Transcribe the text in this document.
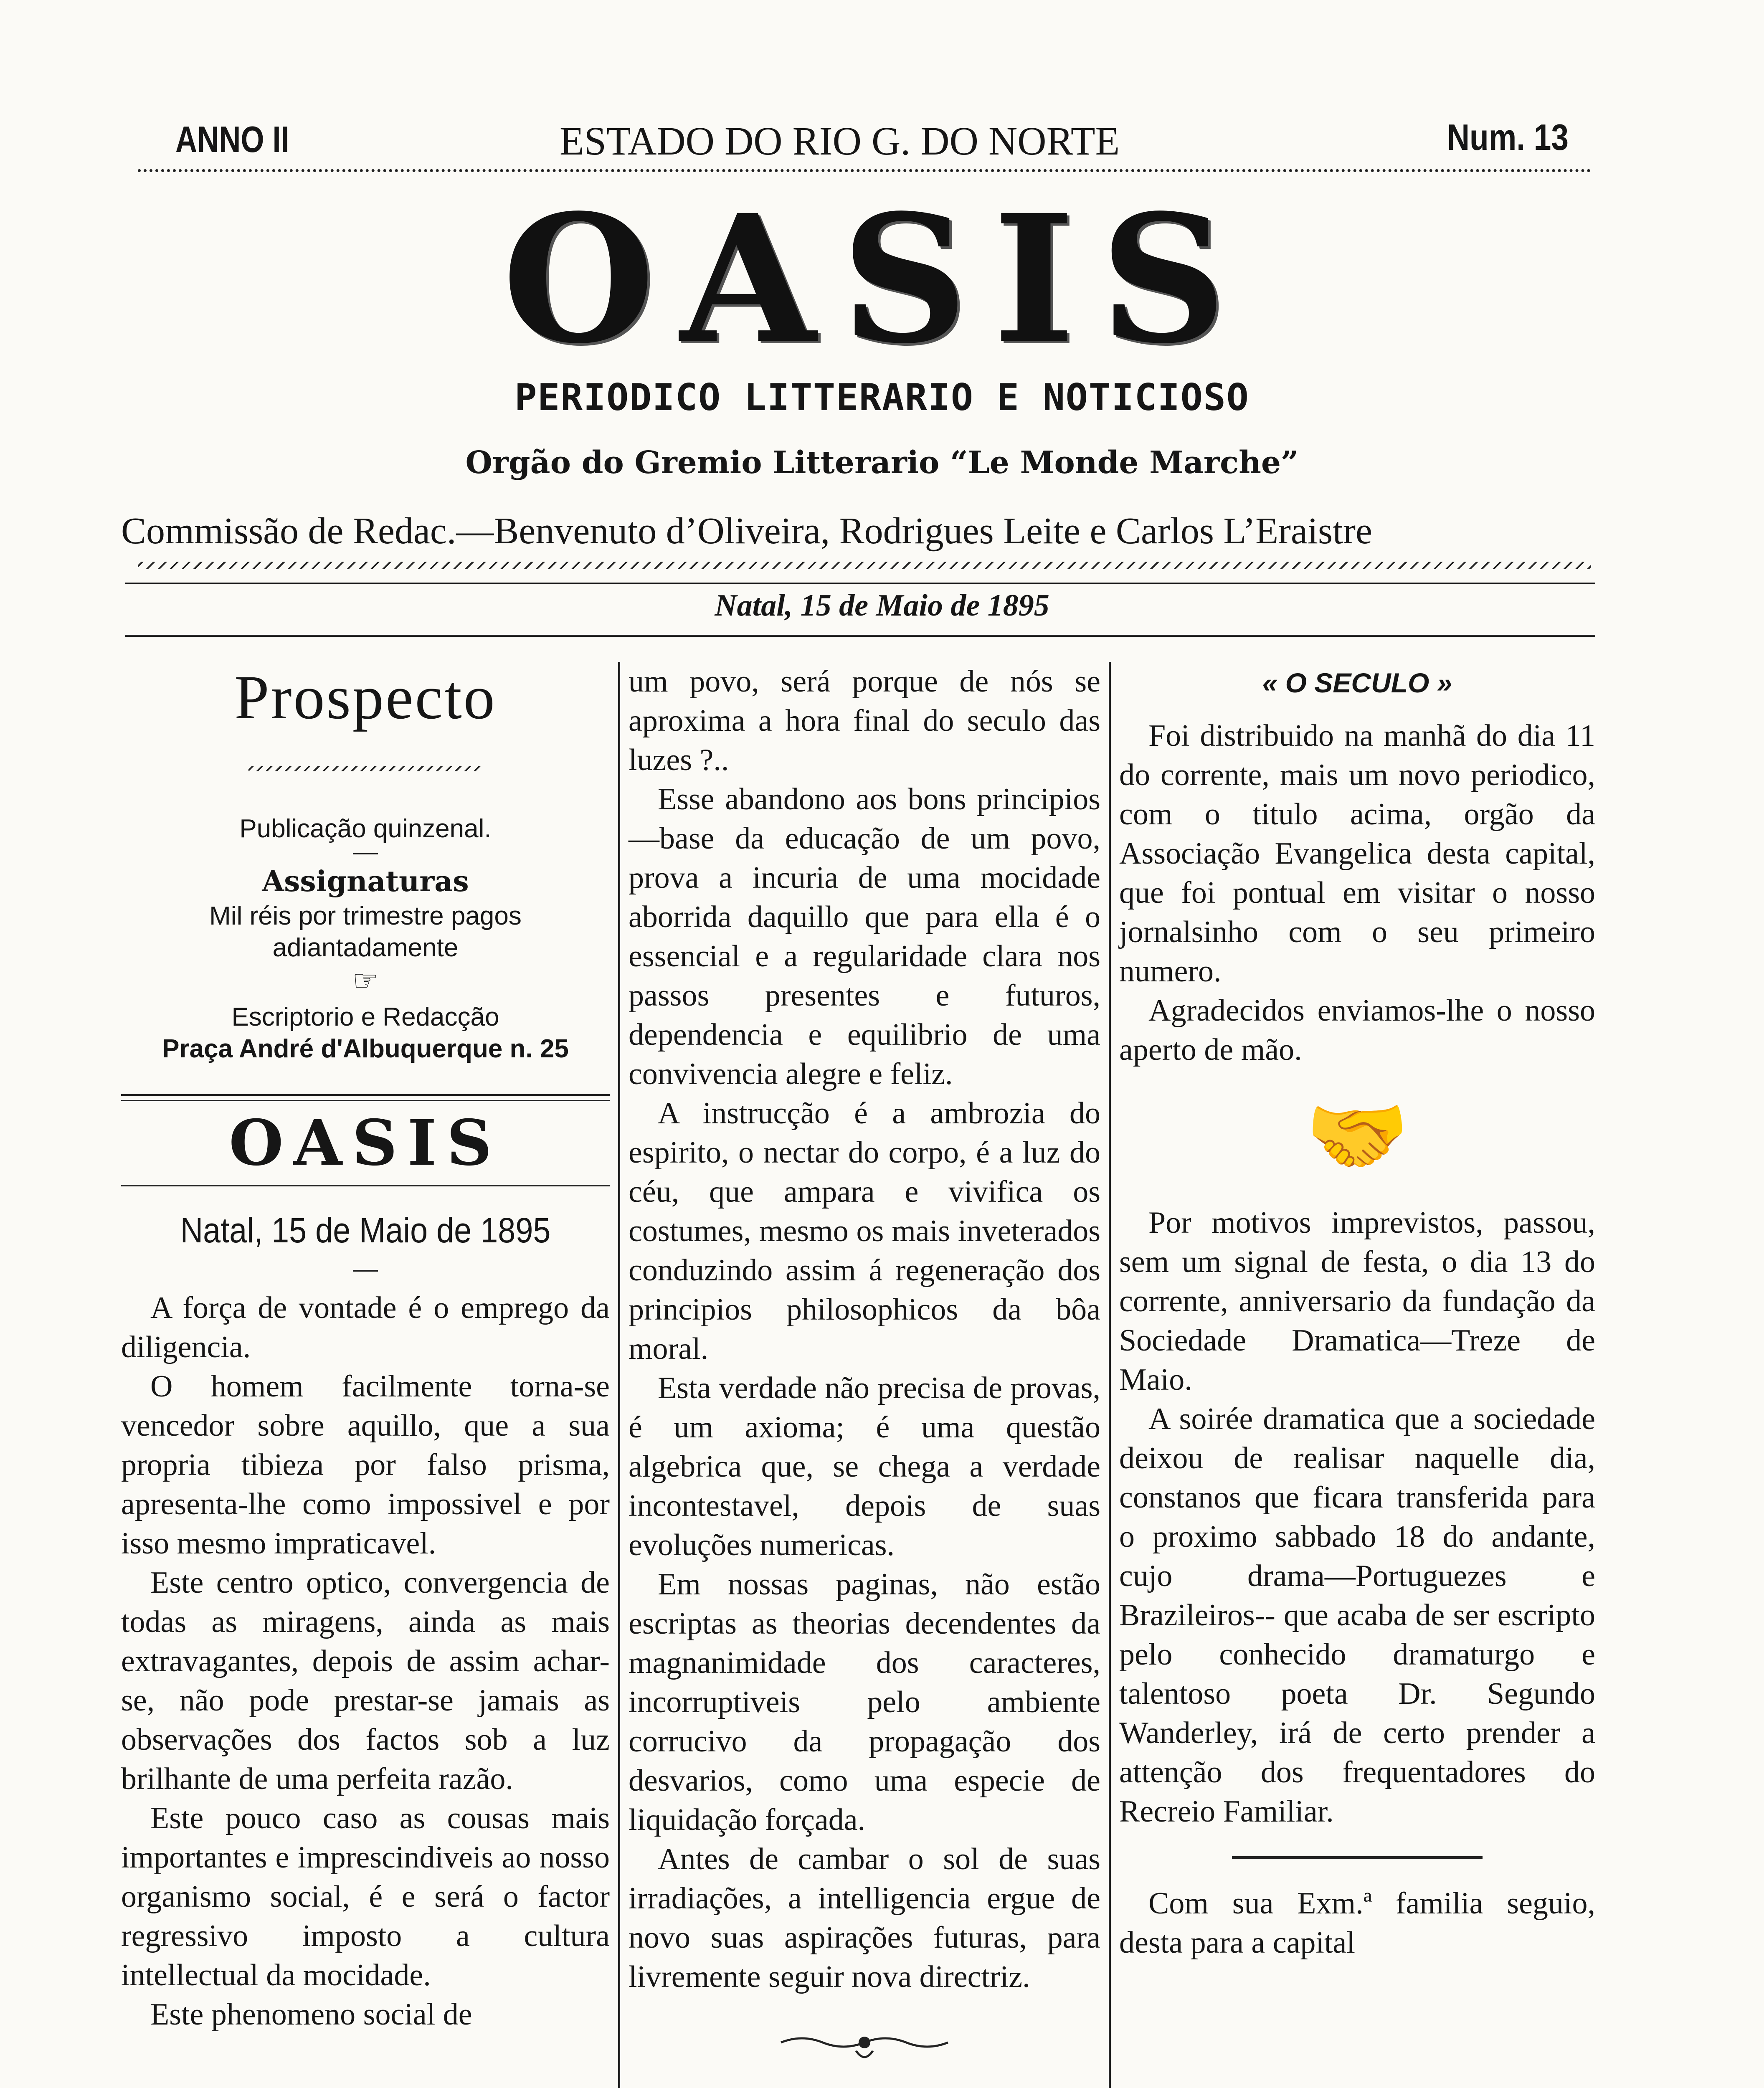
ANNO II	ESTADO DO RIO G. DO NORTE	Num. 13
OASIS
PERIODICO LITTERARIO E NOTICIOSO
Orgão do Gremio Litterario “Le Monde Marche”
Commissão de Redac.—Benvenuto d’Oliveira, Rodrigues Leite e Carlos L’Eraistre
Natal, 15 de Maio de 1895
Prospecto
Publicação quinzenal.
Assignaturas
Mil réis por trimestre pagos adiantadamente
☞
Escriptorio e Redacção
Praça André d'Albuquerque n. 25
OASIS
Natal, 15 de Maio de 1895

A força de vontade é o emprego da diligencia.

O homem facilmente torna-se vencedor sobre aquillo, que a sua propria tibieza por falso prisma, apresenta-lhe como impossivel e por isso mesmo impraticavel.

Este centro optico, convergencia de todas as miragens, ainda as mais extravagantes, depois de assim achar-se, não pode prestar-se jamais as observações dos factos sob a luz brilhante de uma perfeita razão.

Este pouco caso as cousas mais importantes e imprescindiveis ao nosso organismo social, é e será o factor regressivo imposto a cultura intellectual da mocidade.

Este phenomeno social de

um povo, será porque de nós se aproxima a hora final do seculo das luzes ?..

Esse abandono aos bons principios—base da educação de um povo, prova a incuria de uma mocidade aborrida daquillo que para ella é o essencial e a regularidade clara nos passos presentes e futuros, dependencia e equilibrio de uma convivencia alegre e feliz.

A instrucção é a ambrozia do espirito, o nectar do corpo, é a luz do céu, que ampara e vivifica os costumes, mesmo os mais inveterados conduzindo assim á regeneração dos principios philosophicos da bôa moral.

Esta verdade não precisa de provas, é um axioma; é uma questão algebrica que, se chega a verdade incontestavel, depois de suas evoluções numericas.

Em nossas paginas, não estão escriptas as theorias decendentes da magnanimidade dos caracteres, incorruptiveis pelo ambiente corrucivo da propagação dos desvarios, como uma especie de liquidação forçada.

Antes de cambar o sol de suas irradiações, a intelligencia ergue de novo suas aspirações futuras, para livremente seguir nova directriz.

« O SECULO »

Foi distribuido na manhã do dia 11 do corrente, mais um novo periodico, com o titulo acima, orgão da Associação Evangelica desta capital, que foi pontual em visitar o nosso jornalsinho com o seu primeiro numero.

Agradecidos enviamos-lhe o nosso aperto de mão.

🤝

Por motivos imprevistos, passou, sem um signal de festa, o dia 13 do corrente, anniversario da fundação da Sociedade Dramatica—Treze de Maio.

A soirée dramatica que a sociedade deixou de realisar naquelle dia, constanos que ficara transferida para o proximo sabbado 18 do andante, cujo drama—Portuguezes e Brazileiros-- que acaba de ser escripto pelo conhecido dramaturgo e talentoso poeta Dr. Segundo Wanderley, irá de certo prender a attenção dos frequentadores do Recreio Familiar.

Com sua Exm.ª familia seguio, desta para a capital
